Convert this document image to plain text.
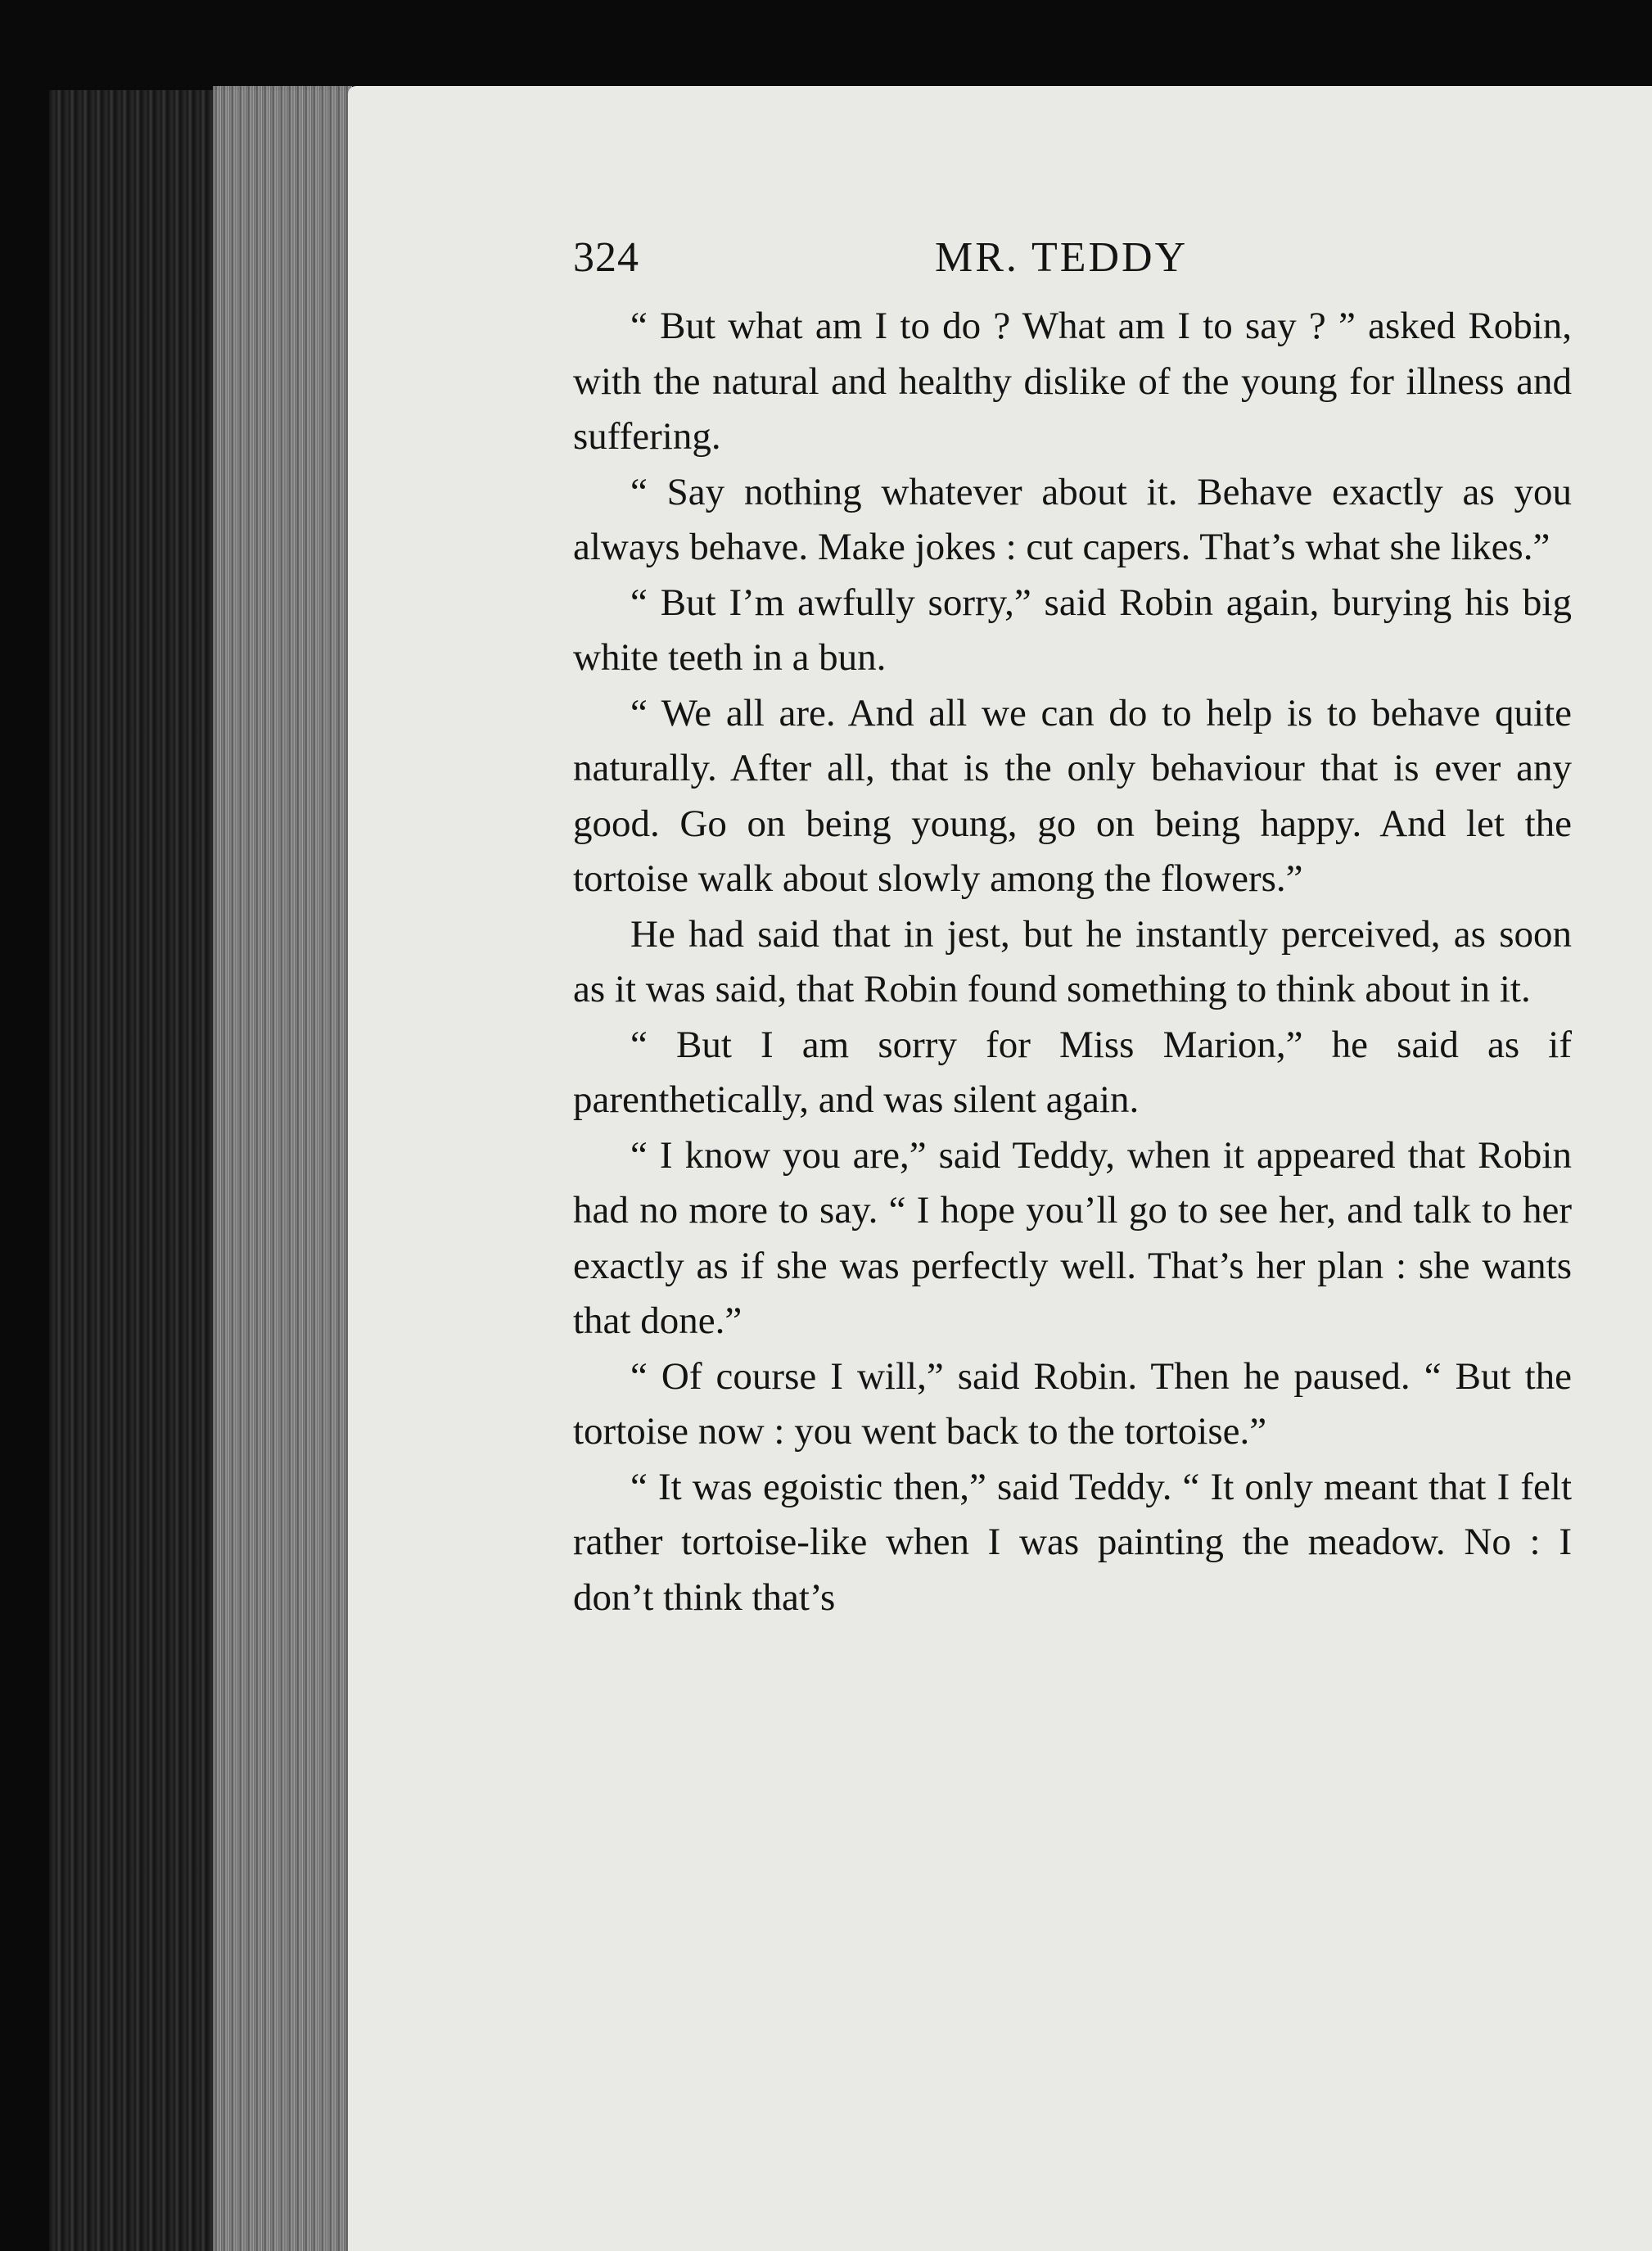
324	MR. TEDDY

“ But what am I to do ? What am I to say ? ” asked Robin, with the natural and healthy dislike of the young for illness and suffering.

“ Say nothing whatever about it. Behave exactly as you always behave. Make jokes : cut capers. That’s what she likes.”

“ But I’m awfully sorry,” said Robin again, burying his big white teeth in a bun.

“ We all are. And all we can do to help is to behave quite naturally. After all, that is the only behaviour that is ever any good. Go on being young, go on being happy. And let the tortoise walk about slowly among the flowers.”

He had said that in jest, but he instantly perceived, as soon as it was said, that Robin found something to think about in it.

“ But I am sorry for Miss Marion,” he said as if parenthetically, and was silent again.

“ I know you are,” said Teddy, when it appeared that Robin had no more to say. “ I hope you’ll go to see her, and talk to her exactly as if she was perfectly well. That’s her plan : she wants that done.”

“ Of course I will,” said Robin. Then he paused. “ But the tortoise now : you went back to the tortoise.”

“ It was egoistic then,” said Teddy. “ It only meant that I felt rather tortoise-like when I was painting the meadow. No : I don’t think that’s
